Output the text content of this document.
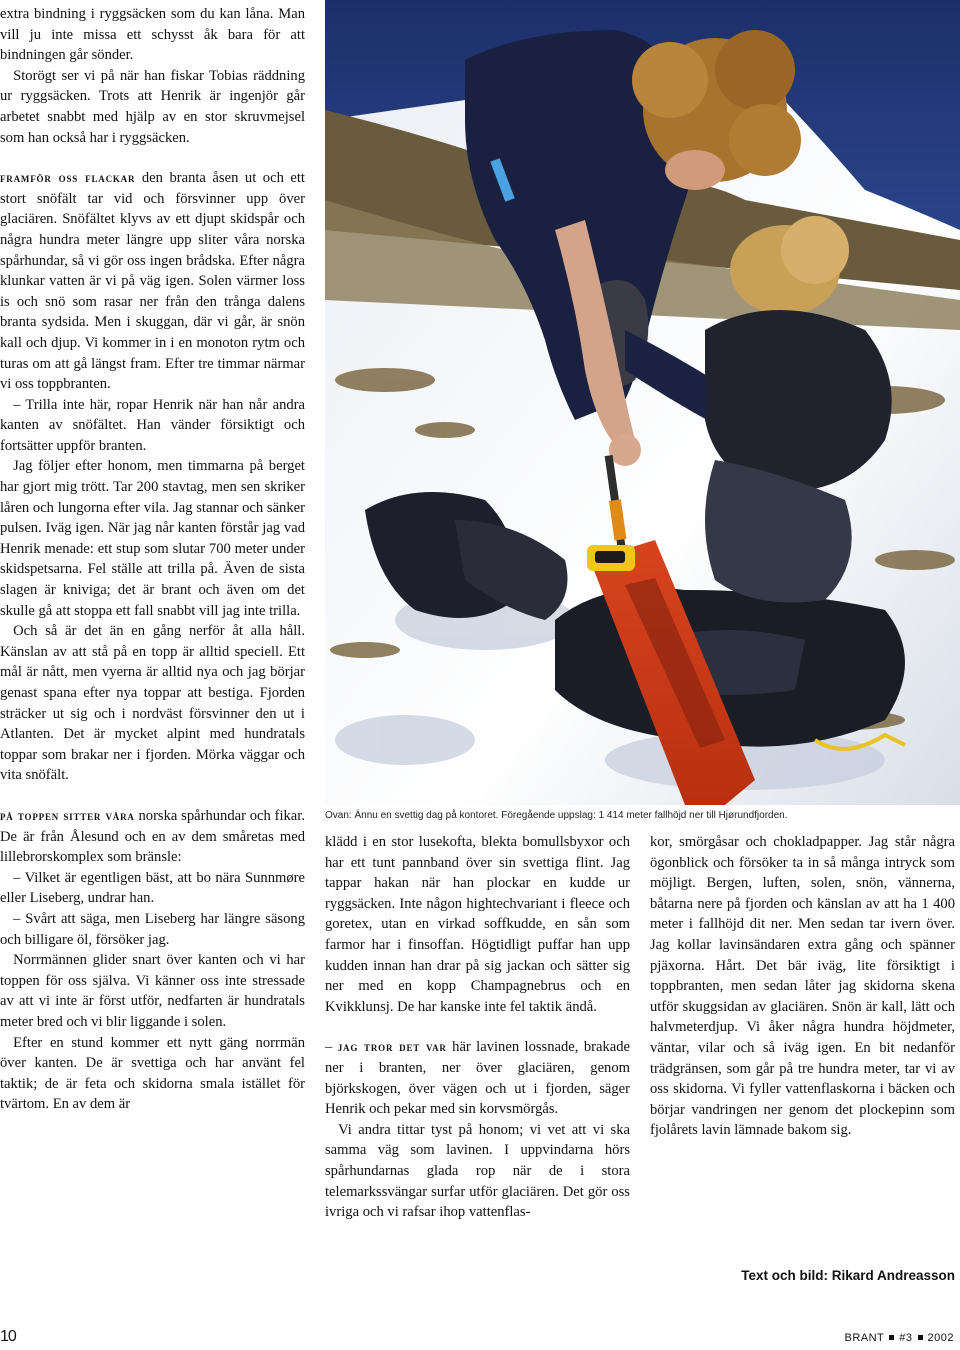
extra bindning i ryggsäcken som du kan låna. Man vill ju inte missa ett schysst åk bara för att bindningen går sönder.

Storögt ser vi på när han fiskar Tobias räddning ur ryggsäcken. Trots att Henrik är ingenjör går arbetet snabbt med hjälp av en stor skruvmejsel som han också har i ryggsäcken.

framför oss flackar den branta åsen ut och ett stort snöfält tar vid och försvinner upp över glaciären. Snöfältet klyvs av ett djupt skidspår och några hundra meter längre upp sliter våra norska spårhundar, så vi gör oss ingen brådska. Efter några klunkar vatten är vi på väg igen. Solen värmer loss is och snö som rasar ner från den trånga dalens branta sydsida. Men i skuggan, där vi går, är snön kall och djup. Vi kommer in i en monoton rytm och turas om att gå längst fram. Efter tre timmar närmar vi oss toppbranten.

– Trilla inte här, ropar Henrik när han når andra kanten av snöfältet. Han vänder försiktigt och fortsätter uppför branten.

Jag följer efter honom, men timmarna på berget har gjort mig trött. Tar 200 stavtag, men sen skriker låren och lungorna efter vila. Jag stannar och sänker pulsen. Iväg igen. När jag når kanten förstår jag vad Henrik menade: ett stup som slutar 700 meter under skidspetsarna. Fel ställe att trilla på. Även de sista slagen är kniviga; det är brant och även om det skulle gå att stoppa ett fall snabbt vill jag inte trilla.

Och så är det än en gång nerför åt alla håll. Känslan av att stå på en topp är alltid speciell. Ett mål är nått, men vyerna är alltid nya och jag börjar genast spana efter nya toppar att bestiga. Fjorden sträcker ut sig och i nordväst försvinner den ut i Atlanten. Det är mycket alpint med hundratals toppar som brakar ner i fjorden. Mörka väggar och vita snöfält.

på toppen sitter våra norska spårhundar och fikar. De är från Ålesund och en av dem småretas med lillebrorskomplex som bränsle:

– Vilket är egentligen bäst, att bo nära Sunnmøre eller Liseberg, undrar han.

– Svårt att säga, men Liseberg har längre säsong och billigare öl, försöker jag.

Norrmännen glider snart över kanten och vi har toppen för oss själva. Vi känner oss inte stressade av att vi inte är först utför, nedfarten är hundratals meter bred och vi blir liggande i solen.

Efter en stund kommer ett nytt gäng norrmän över kanten. De är svettiga och har använt fel taktik; de är feta och skidorna smala istället för tvärtom. En av dem är

Ovan: Ännu en svettig dag på kontoret. Föregående uppslag: 1 414 meter fallhöjd ner till Hjørundfjorden.

klädd i en stor lusekofta, blekta bomullsbyxor och har ett tunt pannband över sin svettiga flint. Jag tappar hakan när han plockar en kudde ur ryggsäcken. Inte någon hightechvariant i fleece och goretex, utan en virkad soffkudde, en sån som farmor har i finsoffan. Högtidligt puffar han upp kudden innan han drar på sig jackan och sätter sig ner med en kopp Champagnebrus och en Kvikklunsj. De har kanske inte fel taktik ändå.

– jag tror det var här lavinen lossnade, brakade ner i branten, ner över glaciären, genom björkskogen, över vägen och ut i fjorden, säger Henrik och pekar med sin korvsmörgås.

Vi andra tittar tyst på honom; vi vet att vi ska samma väg som lavinen. I uppvindarna hörs spårhundarnas glada rop när de i stora telemarkssvängar surfar utför glaciären. Det gör oss ivriga och vi rafsar ihop vattenflas-

kor, smörgåsar och chokladpapper. Jag står några ögonblick och försöker ta in så många intryck som möjligt. Bergen, luften, solen, snön, vännerna, båtarna nere på fjorden och känslan av att ha 1 400 meter i fallhöjd dit ner. Men sedan tar ivern över. Jag kollar lavinsändaren extra gång och spänner pjäxorna. Hårt. Det bär iväg, lite försiktigt i toppbranten, men sedan låter jag skidorna skena utför skuggsidan av glaciären. Snön är kall, lätt och halvmeterdjup. Vi åker några hundra höjdmeter, väntar, vilar och så iväg igen. En bit nedanför trädgränsen, som går på tre hundra meter, tar vi av oss skidorna. Vi fyller vattenflaskorna i bäcken och börjar vandringen ner genom det plockepinn som fjolårets lavin lämnade bakom sig.

Text och bild: Rikard Andreasson
10	BRANT #3 2002
